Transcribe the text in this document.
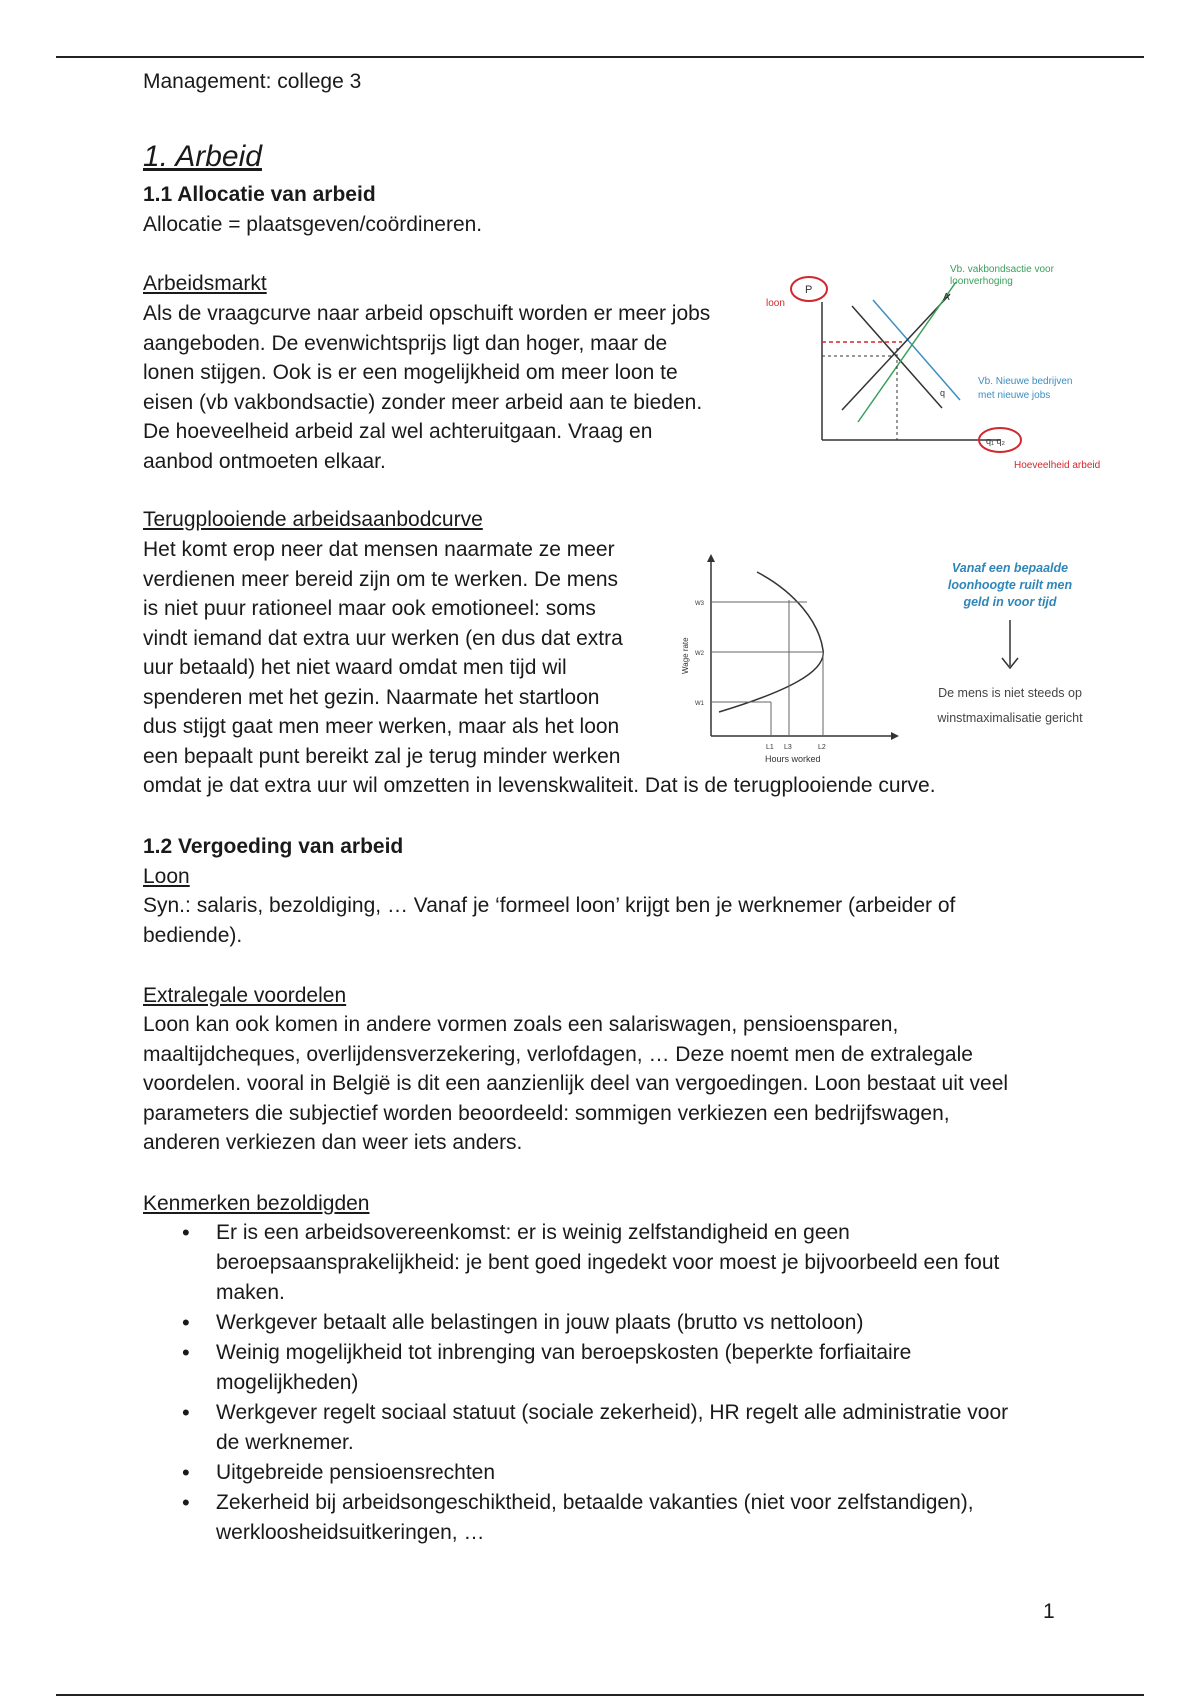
Management: college 3
1. Arbeid
1.1 Allocatie van arbeid
Allocatie = plaatsgeven/coördineren.
Arbeidsmarkt
Als de vraagcurve naar arbeid opschuift worden er meer jobs
aangeboden. De evenwichtsprijs ligt dan hoger, maar de
lonen stijgen. Ook is er een mogelijkheid om meer loon te
eisen (vb vakbondsactie) zonder meer arbeid aan te bieden.
De hoeveelheid arbeid zal wel achteruitgaan. Vraag en
aanbod ontmoeten elkaar.
P
loon
A
q
q₁ q₂
Hoeveelheid arbeid
Vb. vakbondsactie voor
loonverhoging
Vb. Nieuwe bedrijven
met nieuwe jobs
Terugplooiende arbeidsaanbodcurve
Het komt erop neer dat mensen naarmate ze meer
verdienen meer bereid zijn om te werken. De mens
is niet puur rationeel maar ook emotioneel: soms
vindt iemand dat extra uur werken (en dus dat extra
uur betaald) het niet waard omdat men tijd wil
spenderen met het gezin. Naarmate het startloon
dus stijgt gaat men meer werken, maar als het loon
een bepaalt punt bereikt zal je terug minder werken
omdat je dat extra uur wil omzetten in levenskwaliteit. Dat is de terugplooiende curve.
W3
W2
W1
L1 L3	L2
Hours worked
Wage rate
Vanaf een bepaalde
loonhoogte ruilt men
geld in voor tijd
De mens is niet steeds op
winstmaximalisatie gericht
1.2 Vergoeding van arbeid
Loon
Syn.: salaris, bezoldiging, … Vanaf je ‘formeel loon’ krijgt ben je werknemer (arbeider of
bediende).
Extralegale voordelen
Loon kan ook komen in andere vormen zoals een salariswagen, pensioensparen,
maaltijdcheques, overlijdensverzekering, verlofdagen, … Deze noemt men de extralegale
voordelen. vooral in België is dit een aanzienlijk deel van vergoedingen. Loon bestaat uit veel
parameters die subjectief worden beoordeeld: sommigen verkiezen een bedrijfswagen,
anderen verkiezen dan weer iets anders.
Kenmerken bezoldigden
• Er is een arbeidsovereenkomst: er is weinig zelfstandigheid en geen
beroepsaansprakelijkheid: je bent goed ingedekt voor moest je bijvoorbeeld een fout
maken.
• Werkgever betaalt alle belastingen in jouw plaats (brutto vs nettoloon)
• Weinig mogelijkheid tot inbrenging van beroepskosten (beperkte forfiaitaire
mogelijkheden)
• Werkgever regelt sociaal statuut (sociale zekerheid), HR regelt alle administratie voor
de werknemer.
• Uitgebreide pensioensrechten
• Zekerheid bij arbeidsongeschiktheid, betaalde vakanties (niet voor zelfstandigen),
werkloosheidsuitkeringen, …
1
